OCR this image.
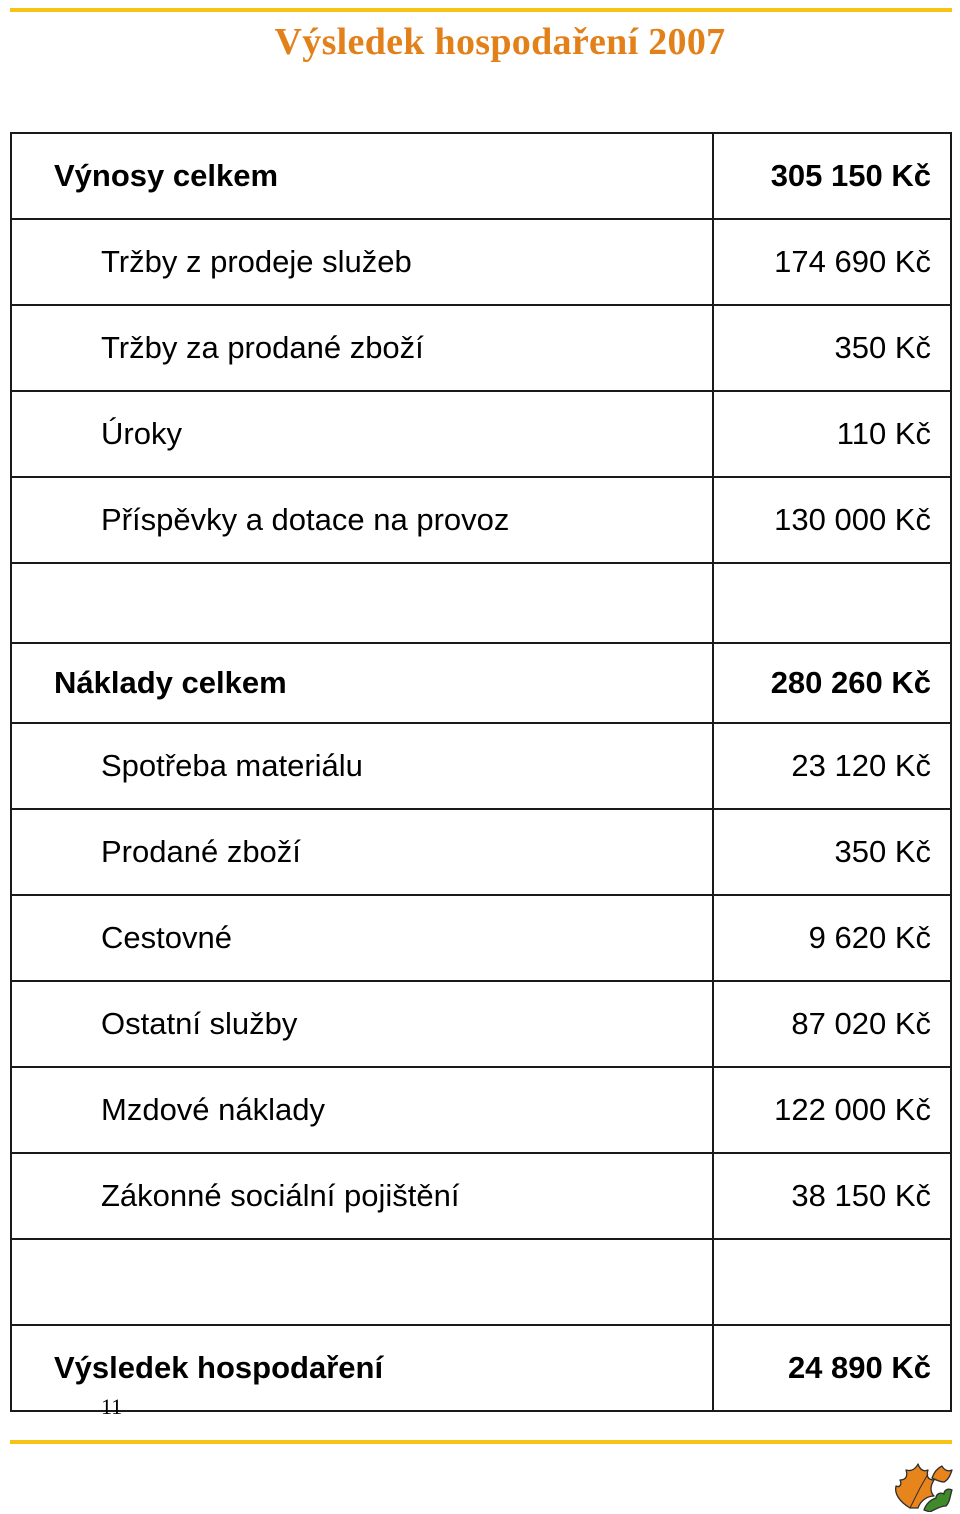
Výsledek hospodaření 2007
Výnosy celkem	305 150 Kč
Tržby z prodeje služeb	174 690 Kč
Tržby za prodané zboží	350 Kč
Úroky	110 Kč
Příspěvky a dotace na provoz	130 000 Kč

Náklady celkem	280 260 Kč
Spotřeba materiálu	23 120 Kč
Prodané zboží	350 Kč
Cestovné	9 620 Kč
Ostatní služby	87 020 Kč
Mzdové náklady	122 000 Kč
Zákonné sociální pojištění	38 150 Kč

Výsledek hospodaření	24 890 Kč
11
